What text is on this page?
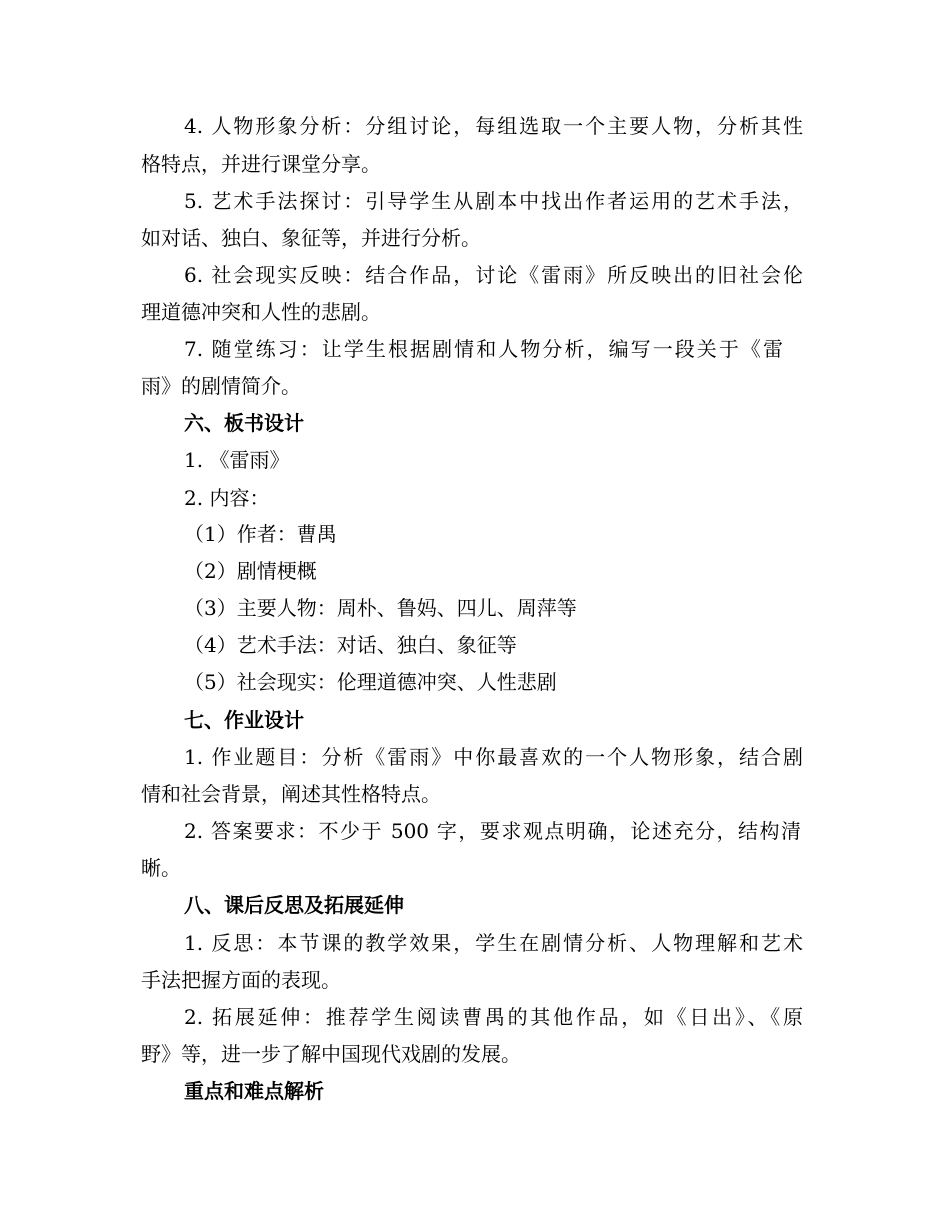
4. 人物形象分析：分组讨论，每组选取一个主要人物，分析其性
格特点，并进行课堂分享。
5. 艺术手法探讨：引导学生从剧本中找出作者运用的艺术手法，
如对话、独白、象征等，并进行分析。
6. 社会现实反映：结合作品，讨论《雷雨》所反映出的旧社会伦
理道德冲突和人性的悲剧。
7. 随堂练习：让学生根据剧情和人物分析，编写一段关于《雷
雨》的剧情简介。
六、板书设计
1. 《雷雨》
2. 内容：
（1）作者：曹禺
（2）剧情梗概
（3）主要人物：周朴、鲁妈、四儿、周萍等
（4）艺术手法：对话、独白、象征等
（5）社会现实：伦理道德冲突、人性悲剧
七、作业设计
1. 作业题目：分析《雷雨》中你最喜欢的一个人物形象，结合剧
情和社会背景，阐述其性格特点。
2. 答案要求：不少于 500 字，要求观点明确，论述充分，结构清
晰。
八、课后反思及拓展延伸
1. 反思：本节课的教学效果，学生在剧情分析、人物理解和艺术
手法把握方面的表现。
2. 拓展延伸：推荐学生阅读曹禺的其他作品，如《日出》、《原
野》等，进一步了解中国现代戏剧的发展。
重点和难点解析
